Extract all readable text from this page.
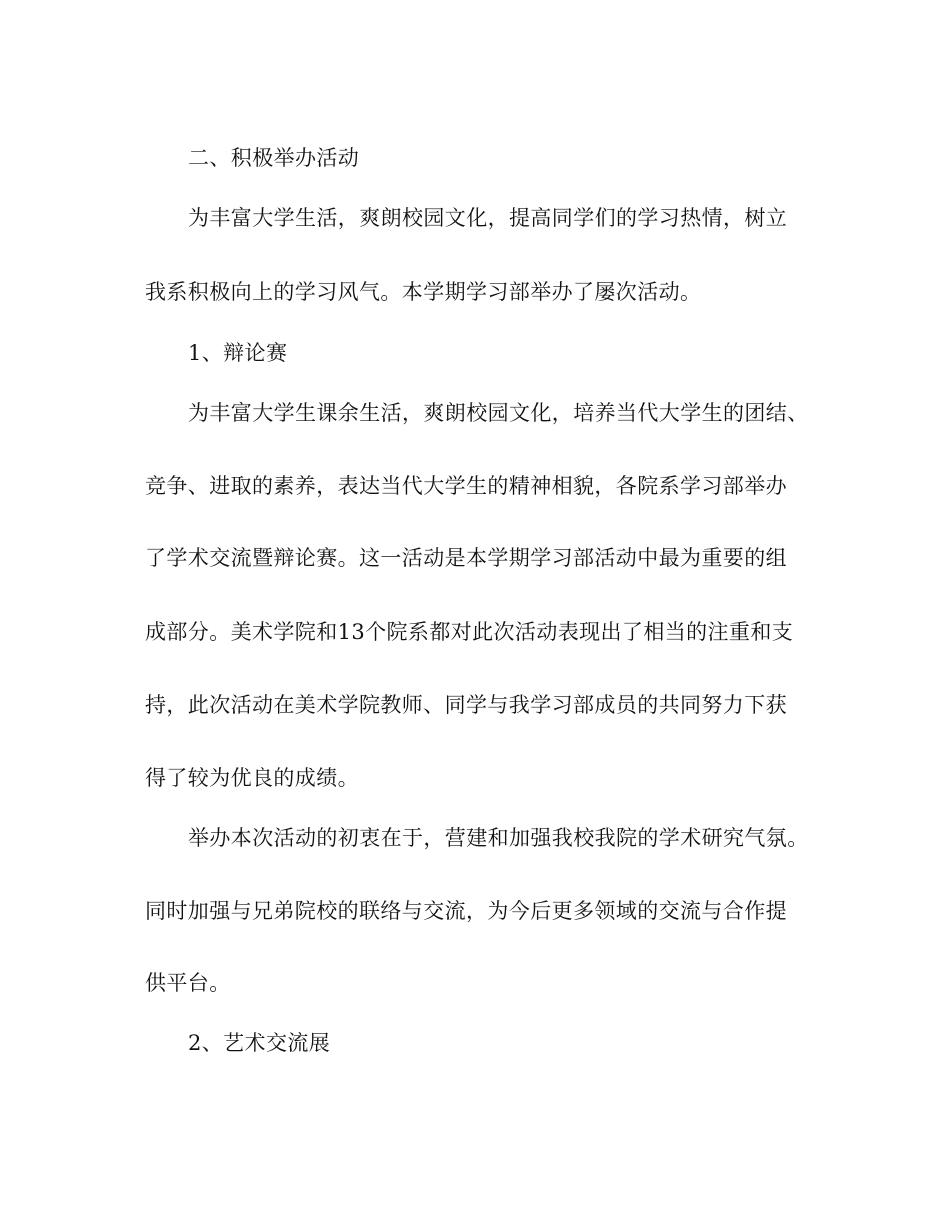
二、积极举办活动
为丰富大学生活，爽朗校园文化，提高同学们的学习热情，树立
我系积极向上的学习风气。本学期学习部举办了屡次活动。
1、辩论赛
为丰富大学生课余生活，爽朗校园文化，培养当代大学生的团结、
竞争、进取的素养，表达当代大学生的精神相貌，各院系学习部举办
了学术交流暨辩论赛。这一活动是本学期学习部活动中最为重要的组
成部分。美术学院和13个院系都对此次活动表现出了相当的注重和支
持，此次活动在美术学院教师、同学与我学习部成员的共同努力下获
得了较为优良的成绩。
举办本次活动的初衷在于，营建和加强我校我院的学术研究气氛。
同时加强与兄弟院校的联络与交流，为今后更多领域的交流与合作提
供平台。
2、艺术交流展
